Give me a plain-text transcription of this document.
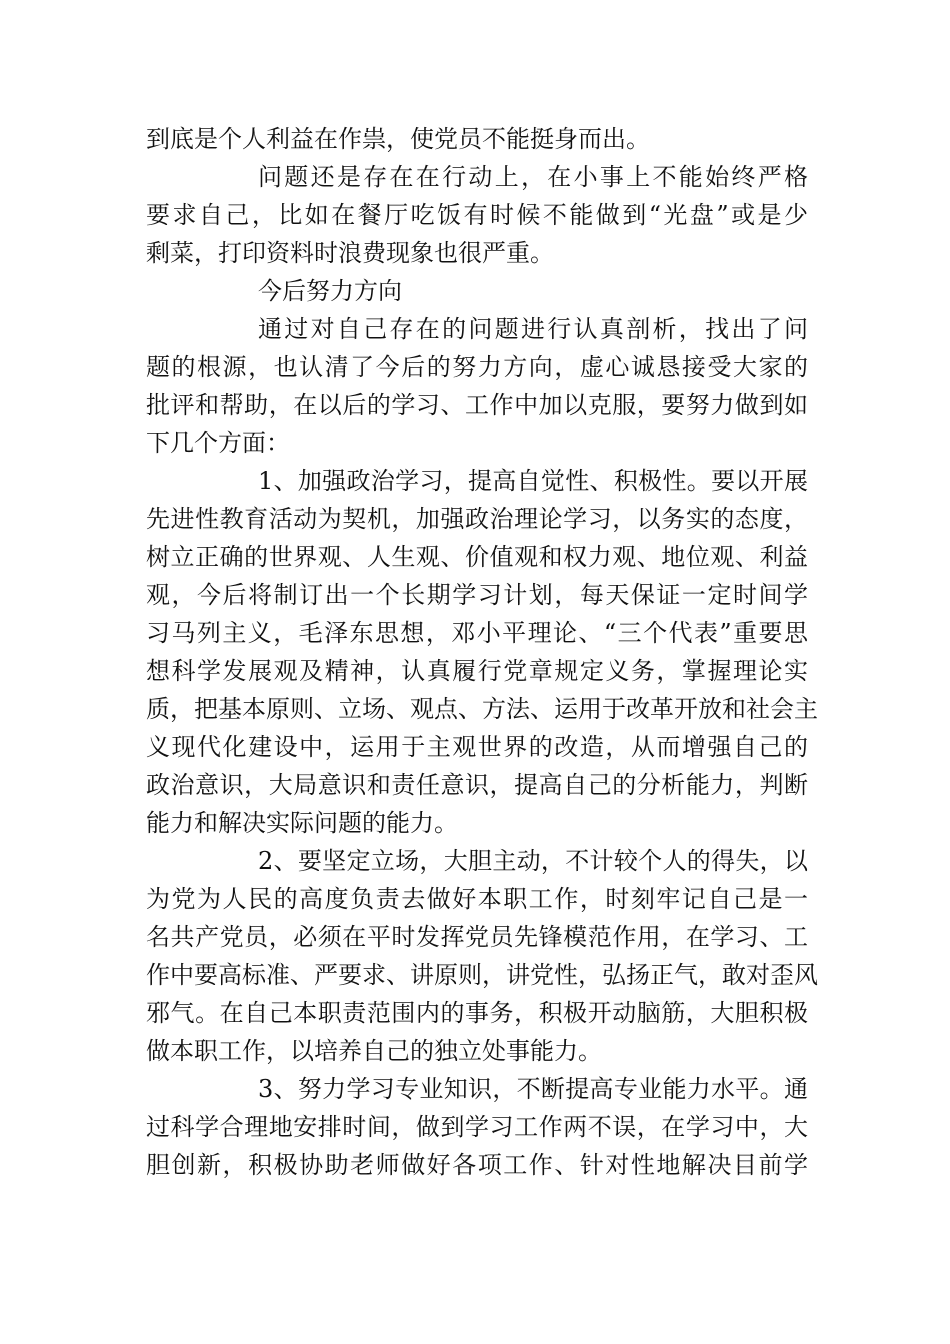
到底是个人利益在作祟，使党员不能挺身而出。
问题还是存在在行动上，在小事上不能始终严格
要求自己，比如在餐厅吃饭有时候不能做到“光盘”或是少
剩菜，打印资料时浪费现象也很严重。
今后努力方向
通过对自己存在的问题进行认真剖析，找出了问
题的根源，也认清了今后的努力方向，虚心诚恳接受大家的
批评和帮助，在以后的学习、工作中加以克服，要努力做到如
下几个方面：
1、加强政治学习，提高自觉性、积极性。要以开展
先进性教育活动为契机，加强政治理论学习，以务实的态度，
树立正确的世界观、人生观、价值观和权力观、地位观、利益
观，今后将制订出一个长期学习计划，每天保证一定时间学
习马列主义，毛泽东思想，邓小平理论、“三个代表”重要思
想科学发展观及精神，认真履行党章规定义务，掌握理论实
质，把基本原则、立场、观点、方法、运用于改革开放和社会主
义现代化建设中，运用于主观世界的改造，从而增强自己的
政治意识，大局意识和责任意识，提高自己的分析能力，判断
能力和解决实际问题的能力。
2、要坚定立场，大胆主动，不计较个人的得失，以
为党为人民的高度负责去做好本职工作，时刻牢记自己是一
名共产党员，必须在平时发挥党员先锋模范作用，在学习、工
作中要高标准、严要求、讲原则，讲党性，弘扬正气，敢对歪风
邪气。在自己本职责范围内的事务，积极开动脑筋，大胆积极
做本职工作，以培养自己的独立处事能力。
3、努力学习专业知识，不断提高专业能力水平。通
过科学合理地安排时间，做到学习工作两不误，在学习中，大
胆创新，积极协助老师做好各项工作、针对性地解决目前学
